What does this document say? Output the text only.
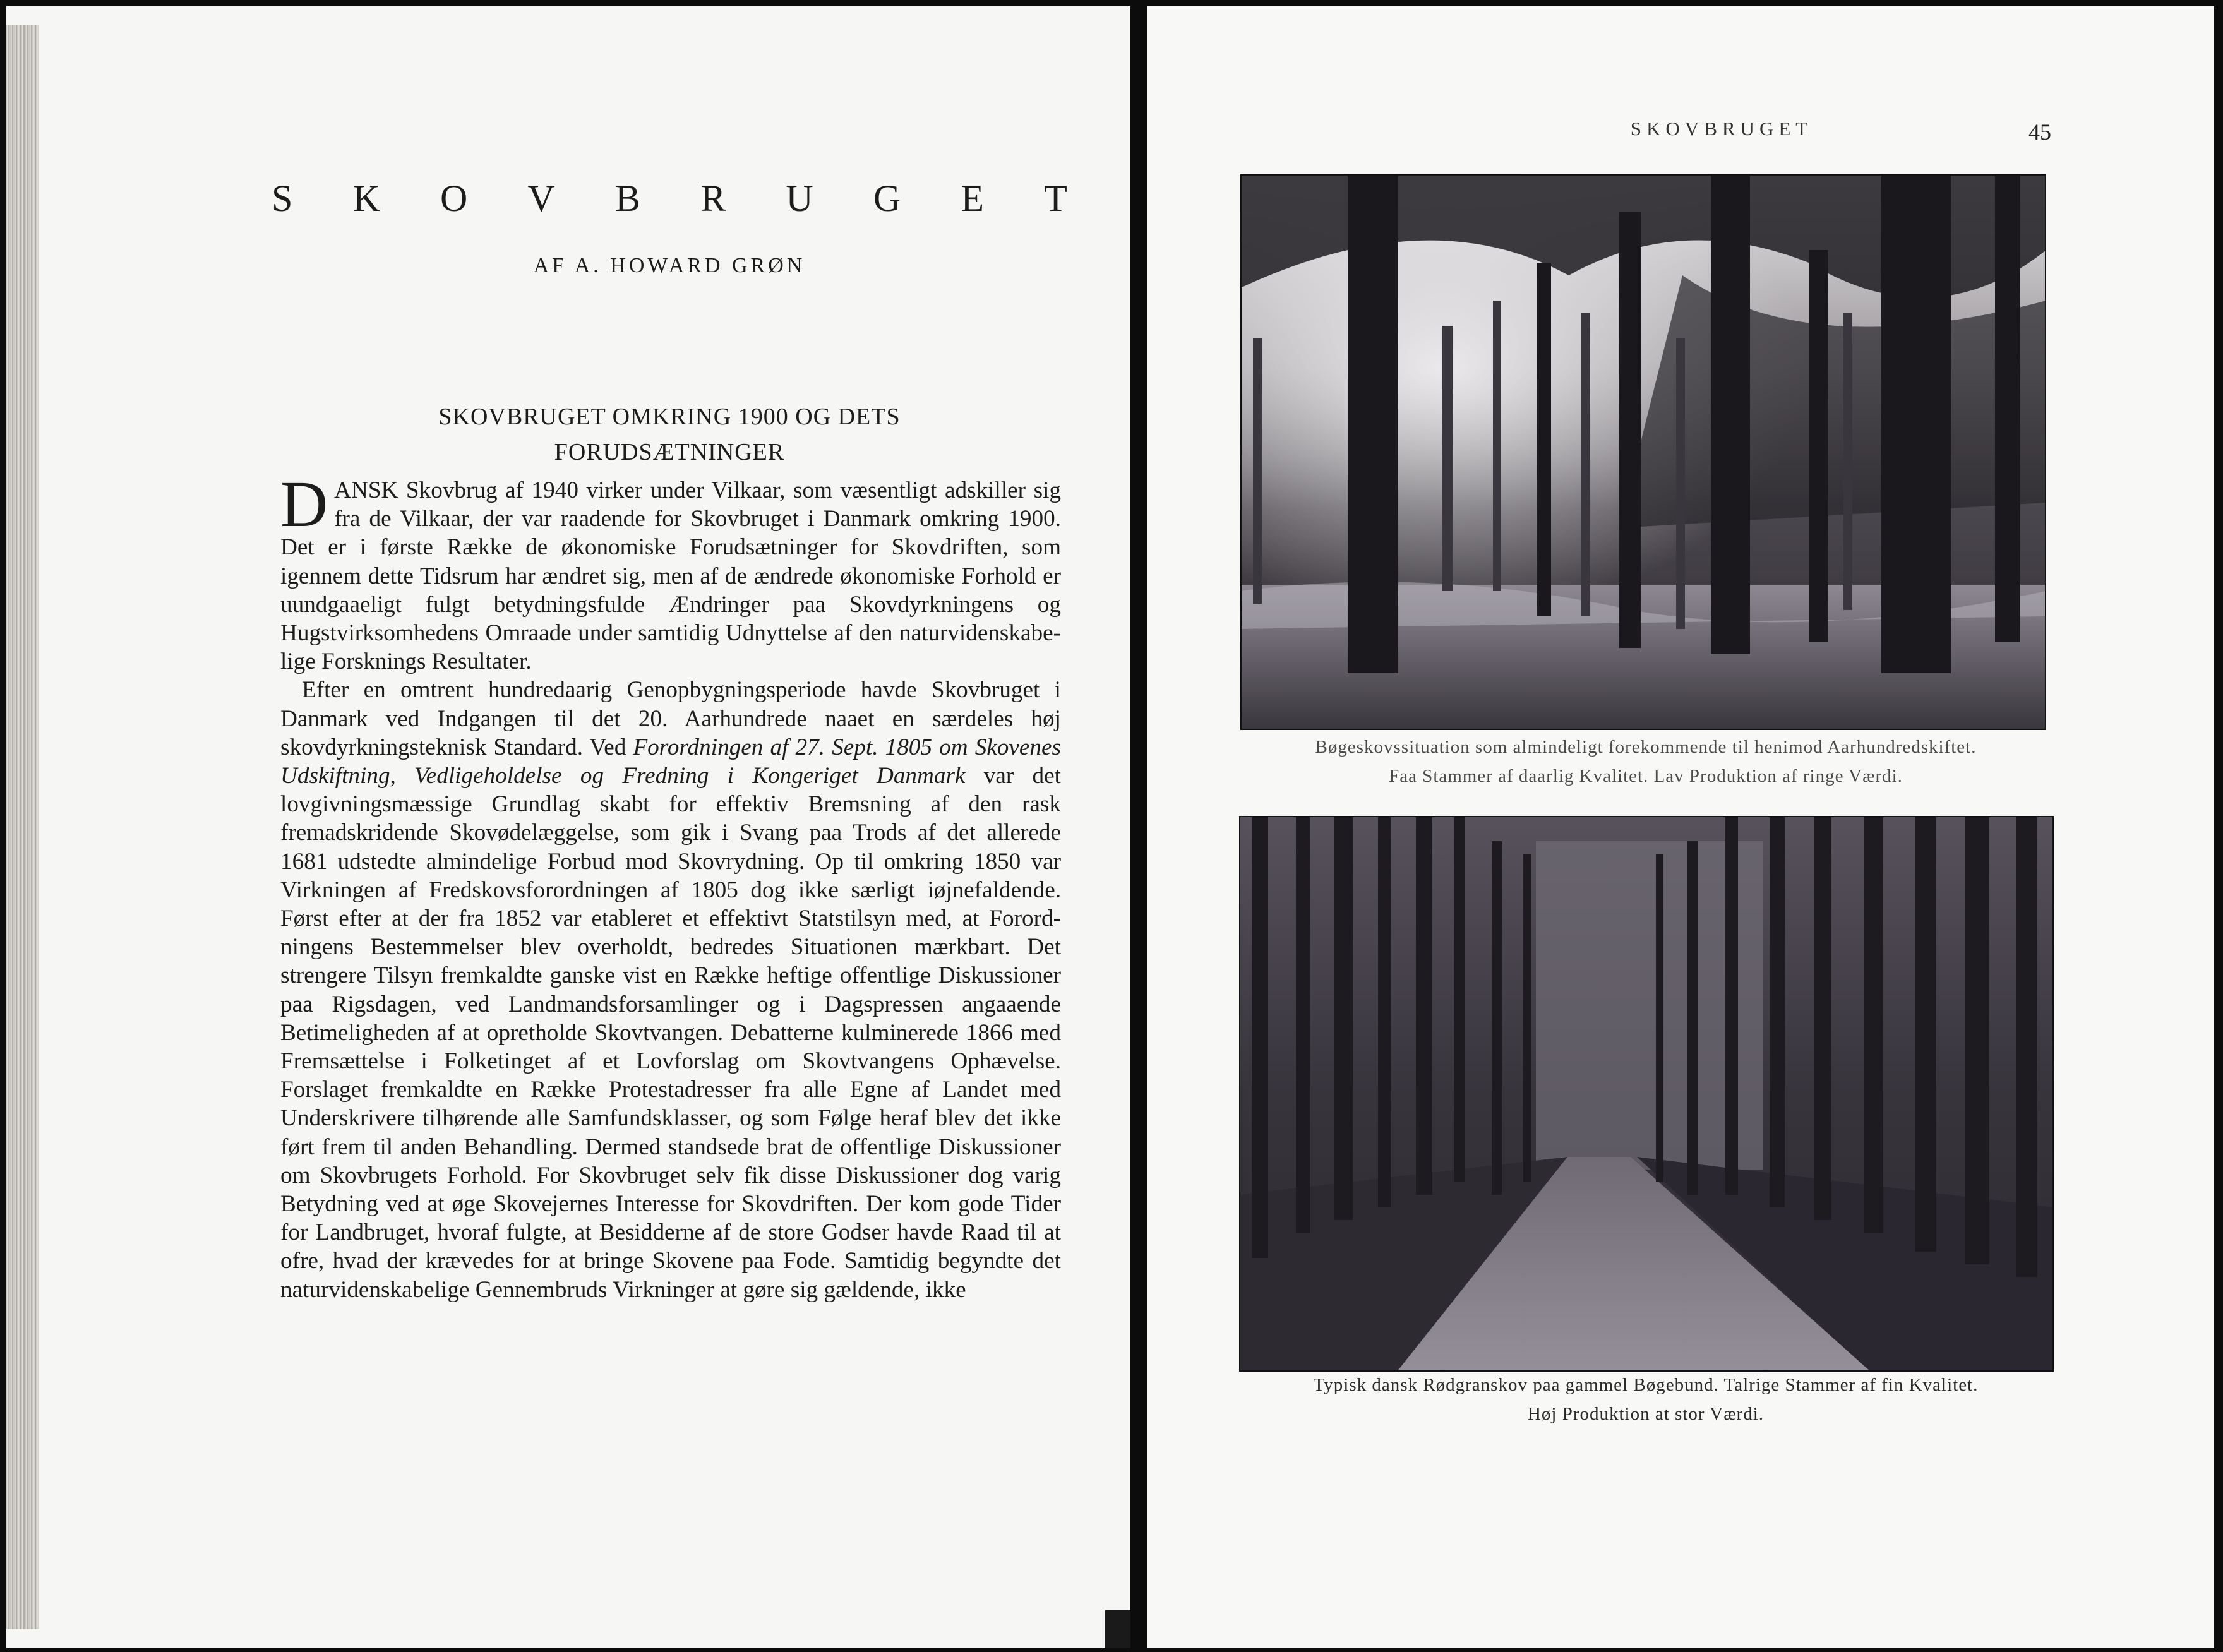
S K O V B R U G E T
AF A. HOWARD GRØN
SKOVBRUGET OMKRING 1900 OG DETS
FORUDSÆTNINGER

DANSK Skovbrug af 1940 virker under Vilkaar, som væsentligt adskiller sig fra de Vilkaar, der var raadende for Skovbruget i Danmark omkring 1900. Det er i første Række de økonomiske Forudsætninger for Skovdriften, som igennem dette Tidsrum har ændret sig, men af de ændrede økonomiske Forhold er uundgaaeligt fulgt betydningsfulde Ændringer paa Skovdyrkningens og Hugstvirksomhedens Omraade under samtidig Udnyttelse af den naturvidenskabelige Forsknings Resultater.

Efter en omtrent hundredaarig Genopbygningsperiode havde Skovbruget i Danmark ved Indgangen til det 20. Aarhundrede naaet en særdeles høj skovdyrkningsteknisk Standard. Ved Forordningen af 27. Sept. 1805 om Skovenes Udskiftning, Vedligeholdelse og Fredning i Kongeriget Danmark var det lovgivningsmæssige Grundlag skabt for effektiv Bremsning af den rask fremadskridende Skovødelæggelse, som gik i Svang paa Trods af det allerede 1681 udstedte almindelige Forbud mod Skovrydning. Op til omkring 1850 var Virkningen af Fredskovsforordningen af 1805 dog ikke særligt iøjnefaldende. Først efter at der fra 1852 var etableret et effektivt Statstilsyn med, at Forordningens Bestemmelser blev overholdt, bedredes Situationen mærkbart. Det strengere Tilsyn fremkaldte ganske vist en Række heftige offentlige Diskussioner paa Rigsdagen, ved Landmandsforsamlinger og i Dagspressen angaaende Betimeligheden af at opretholde Skovtvangen. Debatterne kulminerede 1866 med Fremsættelse i Folketinget af et Lovforslag om Skovtvangens Ophævelse. Forslaget fremkaldte en Række Protestadresser fra alle Egne af Landet med Underskrivere tilhørende alle Samfundsklasser, og som Følge heraf blev det ikke ført frem til anden Behandling. Dermed standsede brat de offentlige Diskussioner om Skovbrugets Forhold. For Skovbruget selv fik disse Diskussioner dog varig Betydning ved at øge Skovejernes Interesse for Skovdriften. Der kom gode Tider for Landbruget, hvoraf fulgte, at Besidderne af de store Godser havde Raad til at ofre, hvad der krævedes for at bringe Skovene paa Fode. Samtidig begyndte det naturvidenskabelige Gennembruds Virkninger at gøre sig gældende, ikke

SKOVBRUGET	45
Bøgeskovssituation som almindeligt forekommende til henimod Aarhundredskiftet.
Faa Stammer af daarlig Kvalitet. Lav Produktion af ringe Værdi.
Typisk dansk Rødgranskov paa gammel Bøgebund. Talrige Stammer af fin Kvalitet.
Høj Produktion at stor Værdi.
